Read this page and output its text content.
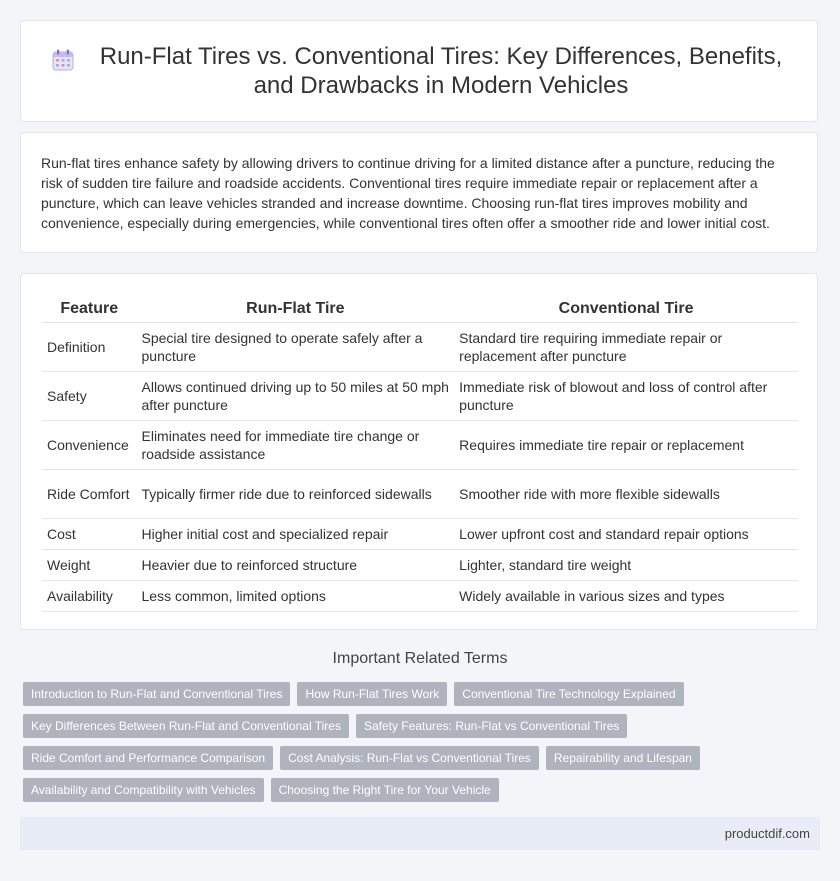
Run-Flat Tires vs. Conventional Tires: Key Differences, Benefits, and Drawbacks in Modern Vehicles

Run-flat tires enhance safety by allowing drivers to continue driving for a limited distance after a puncture, reducing the risk of sudden tire failure and roadside accidents. Conventional tires require immediate repair or replacement after a puncture, which can leave vehicles stranded and increase downtime. Choosing run-flat tires improves mobility and convenience, especially during emergencies, while conventional tires often offer a smoother ride and lower initial cost.

Feature	Run-Flat Tire	Conventional Tire
Definition	Special tire designed to operate safely after a puncture	Standard tire requiring immediate repair or replacement after puncture
Safety	Allows continued driving up to 50 miles at 50 mph after puncture	Immediate risk of blowout and loss of control after puncture
Convenience	Eliminates need for immediate tire change or roadside assistance	Requires immediate tire repair or replacement
Ride Comfort	Typically firmer ride due to reinforced sidewalls	Smoother ride with more flexible sidewalls
Cost	Higher initial cost and specialized repair	Lower upfront cost and standard repair options
Weight	Heavier due to reinforced structure	Lighter, standard tire weight
Availability	Less common, limited options	Widely available in various sizes and types
Important Related Terms
Introduction to Run-Flat and Conventional Tires	How Run-Flat Tires Work	Conventional Tire Technology Explained
Key Differences Between Run-Flat and Conventional Tires	Safety Features: Run-Flat vs Conventional Tires
Ride Comfort and Performance Comparison	Cost Analysis: Run-Flat vs Conventional Tires	Repairability and Lifespan
Availability and Compatibility with Vehicles	Choosing the Right Tire for Your Vehicle
productdif.com
